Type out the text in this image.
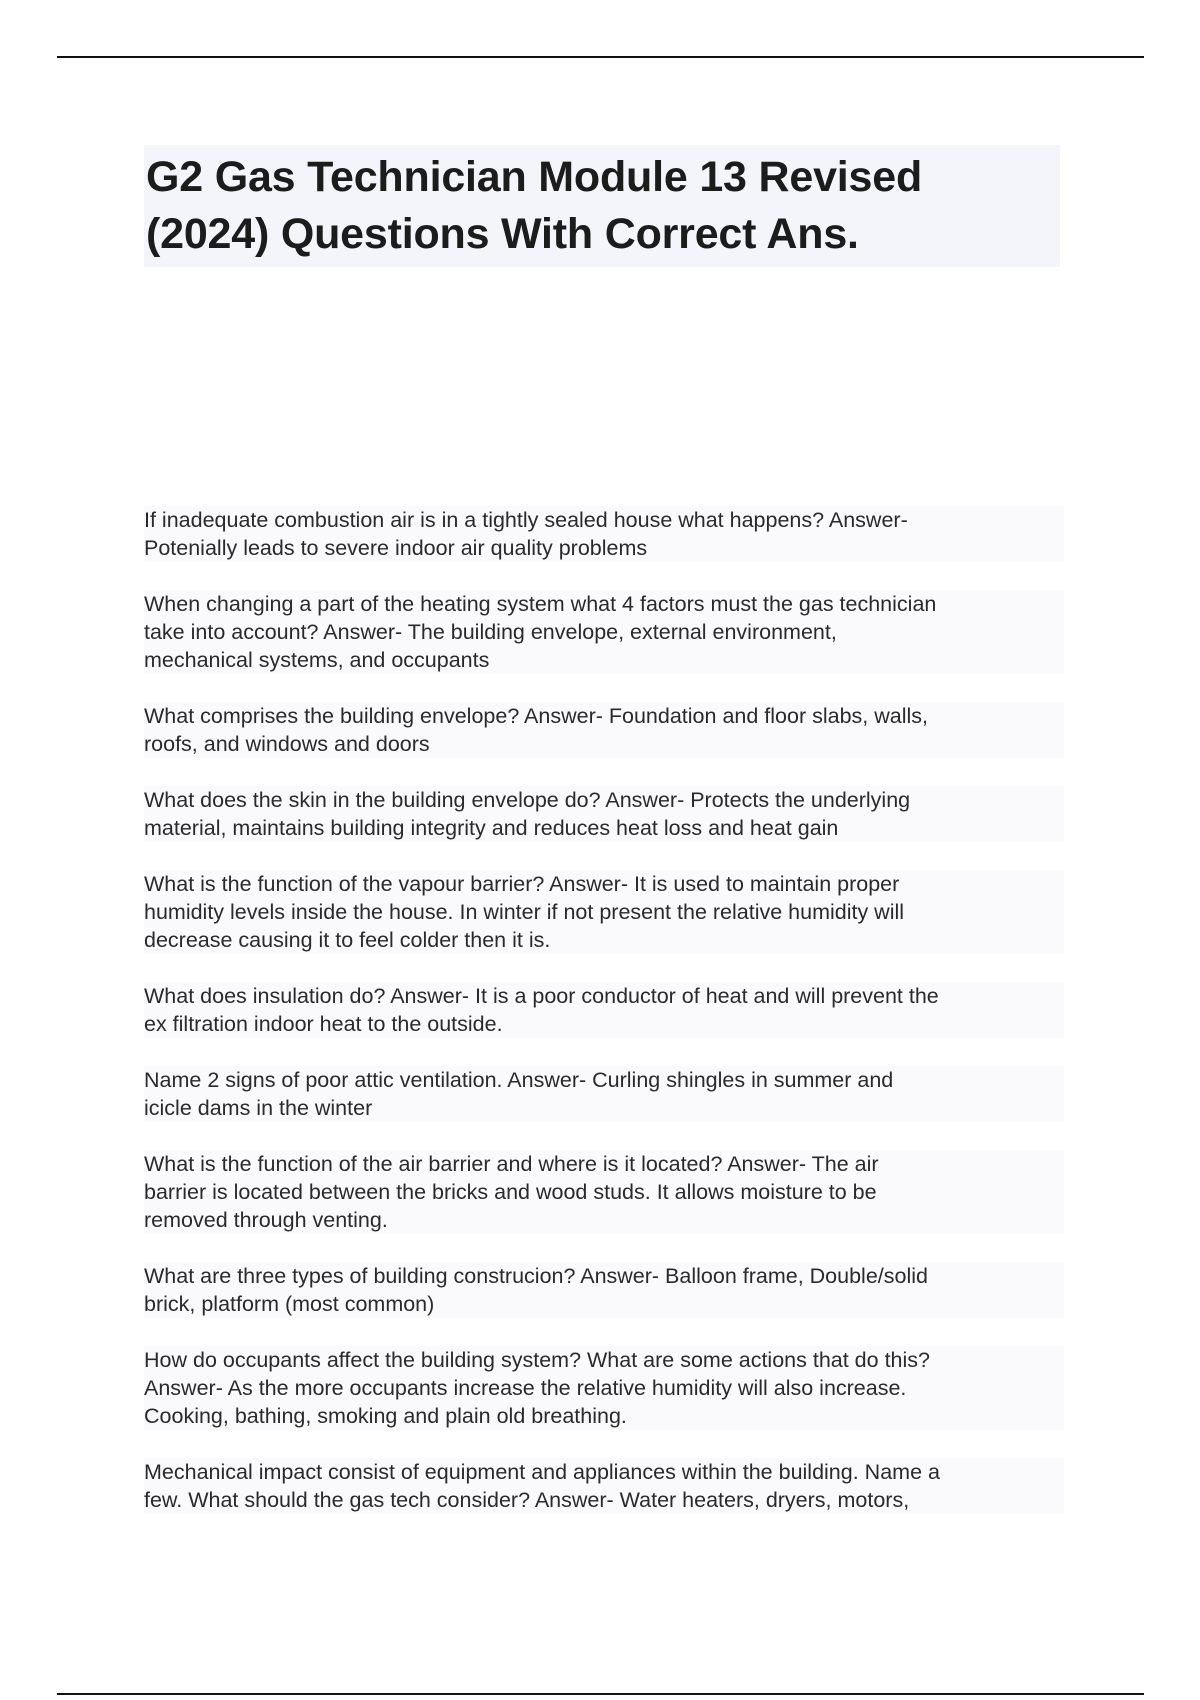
G2 Gas Technician Module 13 Revised
(2024) Questions With Correct Ans.

If inadequate combustion air is in a tightly sealed house what happens? Answer-
Potenially leads to severe indoor air quality problems

When changing a part of the heating system what 4 factors must the gas technician
take into account? Answer- The building envelope, external environment,
mechanical systems, and occupants

What comprises the building envelope? Answer- Foundation and floor slabs, walls,
roofs, and windows and doors

What does the skin in the building envelope do? Answer- Protects the underlying
material, maintains building integrity and reduces heat loss and heat gain

What is the function of the vapour barrier? Answer- It is used to maintain proper
humidity levels inside the house. In winter if not present the relative humidity will
decrease causing it to feel colder then it is.

What does insulation do? Answer- It is a poor conductor of heat and will prevent the
ex filtration indoor heat to the outside.

Name 2 signs of poor attic ventilation. Answer- Curling shingles in summer and
icicle dams in the winter

What is the function of the air barrier and where is it located? Answer- The air
barrier is located between the bricks and wood studs. It allows moisture to be
removed through venting.

What are three types of building construcion? Answer- Balloon frame, Double/solid
brick, platform (most common)

How do occupants affect the building system? What are some actions that do this?
Answer- As the more occupants increase the relative humidity will also increase.
Cooking, bathing, smoking and plain old breathing.

Mechanical impact consist of equipment and appliances within the building. Name a
few. What should the gas tech consider? Answer- Water heaters, dryers, motors,
